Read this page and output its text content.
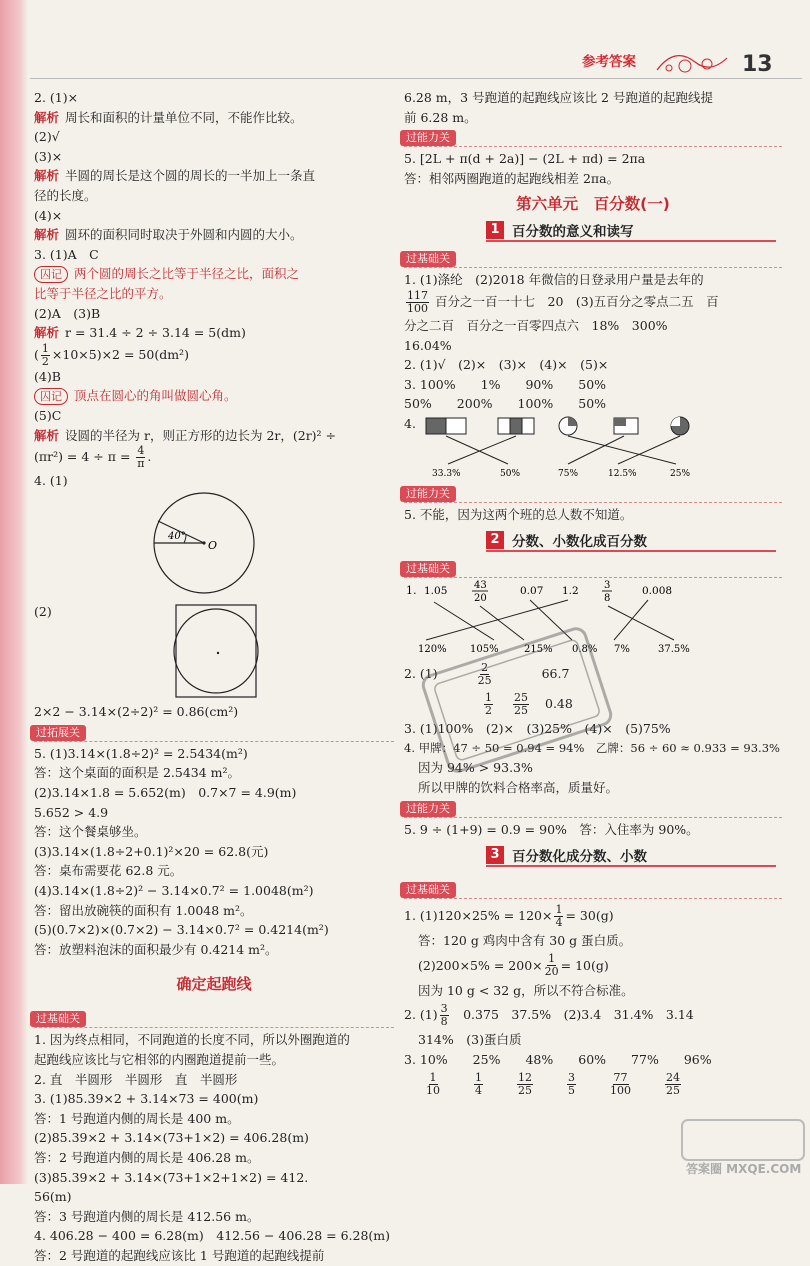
参考答案	13
2. (1)×
解析 周长和面积的计量单位不同，不能作比较。
(2)√
(3)×
解析 半圆的周长是这个圆的周长的一半加上一条直
径的长度。
(4)×
解析 圆环的面积同时取决于外圆和内圆的大小。
3. (1)A　C
囚记 两个圆的周长之比等于半径之比，面积之
比等于半径之比的平方。
(2)A　(3)B
解析 r = 31.4 ÷ 2 ÷ 3.14 = 5(dm)
( $\frac{1}{2} \times 10\times 5)\times 2 = 50(dm^2)$
(4)B
囚记 顶点在圆心的角叫做圆心角。
(5)C
解析 设圆的半径为 r，则正方形的边长为 2r，(2r)² ÷
$(\pi r^2) = 4 \div \pi = \frac{4}{\pi}$ .
4. (1)
40°
O
(2)
2×2 − 3.14×(2÷2)² = 0.86(cm²)
过拓展关
5. (1)3.14×(1.8÷2)² = 2.5434(m²)
答：这个桌面的面积是 2.5434 m²。
(2)3.14×1.8 = 5.652(m)　0.7×7 = 4.9(m)
5.652 > 4.9
答：这个餐桌够坐。
(3)3.14×(1.8÷2+0.1)²×20 = 62.8(元)
答：桌布需要花 62.8 元。
(4)3.14×(1.8÷2)² − 3.14×0.7² = 1.0048(m²)
答：留出放碗筷的面积有 1.0048 m²。
(5)(0.7×2)×(0.7×2) − 3.14×0.7² = 0.4214(m²)
答：放塑料泡沫的面积最少有 0.4214 m²。
确定起跑线
过基础关
1. 因为终点相同，不同跑道的长度不同，所以外圈跑道的
起跑线应该比与它相邻的内圈跑道提前一些。
2. 直　半圆形　半圆形　直　半圆形
3. (1)85.39×2 + 3.14×73 = 400(m)
答：1 号跑道内侧的周长是 400 m。
(2)85.39×2 + 3.14×(73+1×2) = 406.28(m)
答：2 号跑道内侧的周长是 406.28 m。
(3)85.39×2 + 3.14×(73+1×2+1×2) = 412.
56(m)
答：3 号跑道内侧的周长是 412.56 m。
4. 406.28 − 400 = 6.28(m)　412.56 − 406.28 = 6.28(m)
答：2 号跑道的起跑线应该比 1 号跑道的起跑线提前
6.28 m，3 号跑道的起跑线应该比 2 号跑道的起跑线提
前 6.28 m。
过能力关
5. [2L + π(d + 2a)] − (2L + πd) = 2πa
答：相邻两圈跑道的起跑线相差 2πa。
第六单元　百分数(一)
1 百分数的意义和读写
过基础关
1. (1)涤纶　(2)2018 年微信的日登录用户量是去年的
$\frac{117}{100}$ 百分之一百一十七　20　(3)五百分之零点二五　百
分之二百　百分之一百零四点六　18%　300%
16.04%
2. (1)√　(2)×　(3)×　(4)×　(5)×
3. 100%　　1%　　90%　　50%
50%　　200%　　100%　　50%
4.
33.3%	50%	75%	12.5%	25%
过能力关
5. 不能，因为这两个班的总人数不知道。
2 分数、小数化成百分数
过基础关
1. 1.05	43
20
0.07 1.2	3
8
0.008
120% 105%	215% 0.8% 7%	37.5%
2. (1)	$\frac{2}{25}$	66.7
$\frac{1}{2} \frac{25}{25} 0.48$
3. (1)100%　(2)×　(3)25%　(4)×　(5)75%
4. 甲牌：47 ÷ 50 = 0.94 = 94%　乙牌：56 ÷ 60 ≈ 0.933 = 93.3%
因为 94% > 93.3%
所以甲牌的饮料合格率高，质量好。
过能力关
5. 9 ÷ (1+9) = 0.9 = 90%　答：入住率为 90%。
3 百分数化成分数、小数
过基础关
1. $(1)120\times 25\% = 120\times \frac{1}{4} = 30(g)$
答：120 g 鸡肉中含有 30 g 蛋白质。
$(2)200\times 5\% = 200\times \frac{1}{20} = 10(g)$
因为 10 g < 32 g，所以不符合标准。
2. $(1) \frac{3}{8}$ 　0.375　37.5%　(2)3.4̇　31.4%　3.14
314%　(3)蛋白质
3. 10%　　25%　　48%　　60%　　77%　　96%
$\frac{1}{10}$	$\frac{1}{4}$	$\frac{12}{25}$	$\frac{3}{5}$	$\frac{77}{100}$	$\frac{24}{25}$
答案圈 MXQE.COM
